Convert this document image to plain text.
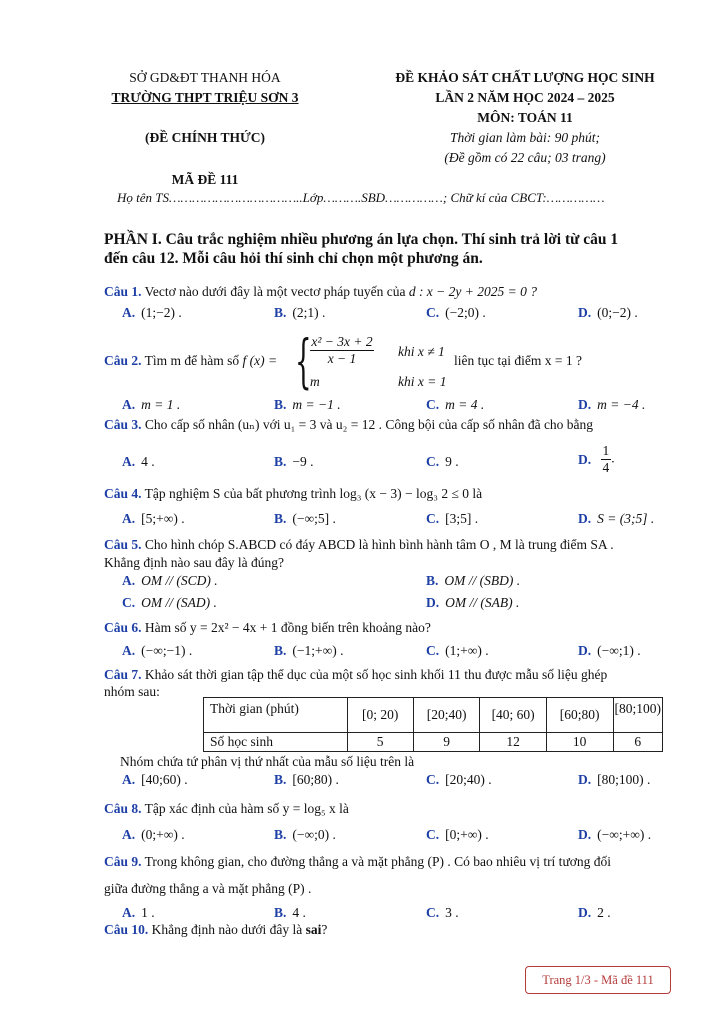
SỞ GD&ĐT THANH HÓA
TRƯỜNG THPT TRIỆU SƠN 3
(ĐỀ CHÍNH THỨC)
MÃ ĐỀ 111
ĐỀ KHẢO SÁT CHẤT LƯỢNG HỌC SINH
LẦN 2 NĂM HỌC 2024 – 2025
MÔN: TOÁN 11
Thời gian làm bài: 90 phút;
(Đề gồm có 22 câu; 03 trang)
Họ tên TS……………………………..Lớp……….SBD……………; Chữ kí của CBCT:……………
PHẦN I. Câu trắc nghiệm nhiều phương án lựa chọn. Thí sinh trả lời từ câu 1
đến câu 12. Mỗi câu hỏi thí sinh chỉ chọn một phương án.
Câu 1. Vectơ nào dưới đây là một vectơ pháp tuyến của d : x − 2y + 2025 = 0 ?
A. (1;−2) .	B. (2;1) .	C. (−2;0) .	D. (0;−2) .
Câu 2. Tìm m để hàm số f (x) = {
$\frac{\text{x² − 3x + 2}}{x - 1}$ khi x ≠ 1
m	khi x = 1
liên tục tại điểm x = 1 ?
A. m = 1 .	B. m = −1 .	C. m = 4 .	D. m = −4 .
Câu 3. Cho cấp số nhân (uₙ) với u₁ = 3 và u₂ = 12 . Công bội của cấp số nhân đã cho bằng
A. 4 .	B. −9 .	C. 9 .	D. $\frac{1}{4}$ .
Câu 4. Tập nghiệm S của bất phương trình log₃ (x − 3) − log₃ 2 ≤ 0 là
A. [5;+∞) .	B. (−∞;5] .	C. [3;5] .	D. S = (3;5] .
Câu 5. Cho hình chóp S.ABCD có đáy ABCD là hình bình hành tâm O , M là trung điểm SA .
Khẳng định nào sau đây là đúng?
A. OM // (SCD) .	B. OM // (SBD) .
C. OM // (SAD) .	D. OM // (SAB) .
Câu 6. Hàm số y = 2x² − 4x + 1 đồng biến trên khoảng nào?
A. (−∞;−1) .	B. (−1;+∞) .	C. (1;+∞) .	D. (−∞;1) .
Câu 7. Khảo sát thời gian tập thể dục của một số học sinh khối 11 thu được mẫu số liệu ghép
nhóm sau:
Thời gian (phút)	[0; 20)	[20;40)	[40; 60)	[60;80)	[80;100)
Số học sinh	5	9	12	10	6
Nhóm chứa tứ phân vị thứ nhất của mẫu số liệu trên là
A. [40;60) .	B. [60;80) .	C. [20;40) .	D. [80;100) .
Câu 8. Tập xác định của hàm số y = log₅ x là
A. (0;+∞) .	B. (−∞;0) .	C. [0;+∞) .	D. (−∞;+∞) .
Câu 9. Trong không gian, cho đường thẳng a và mặt phẳng (P) . Có bao nhiêu vị trí tương đối
giữa đường thẳng a và mặt phẳng (P) .
A. 1 .	B. 4 .	C. 3 .	D. 2 .
Câu 10. Khẳng định nào dưới đây là sai?
Trang 1/3 - Mã đề 111
